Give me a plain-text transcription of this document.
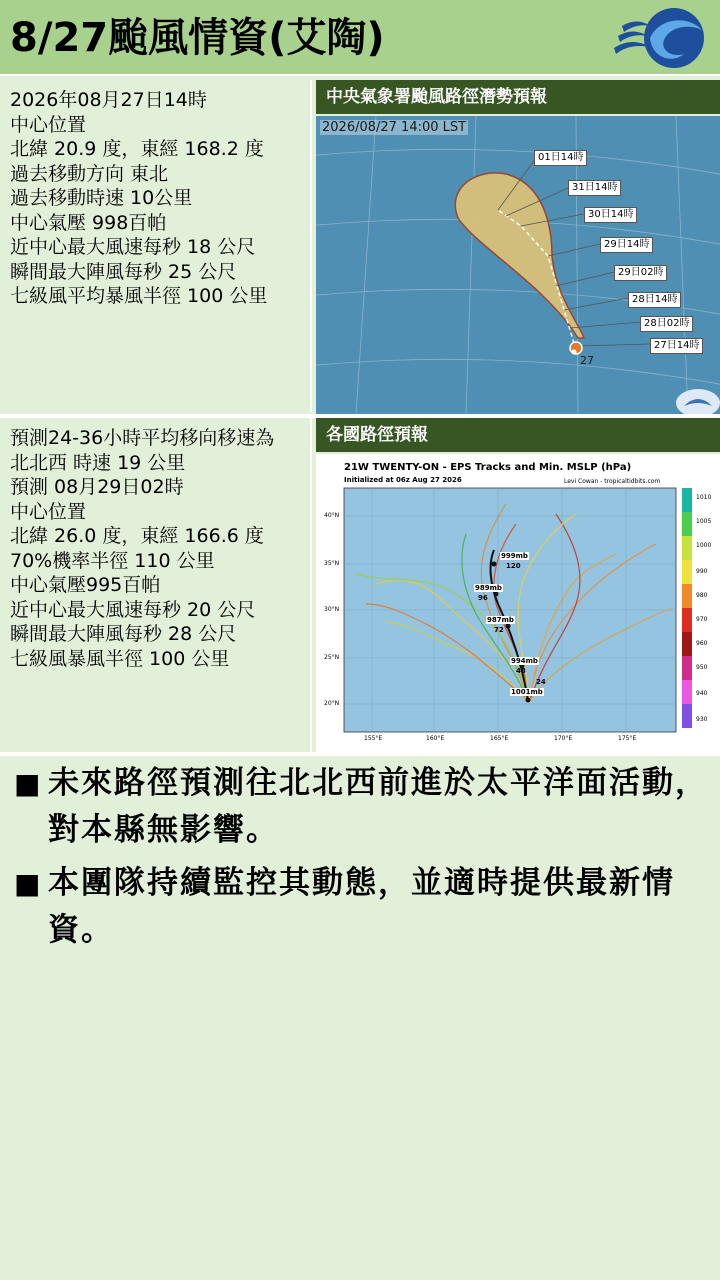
8/27颱風情資(艾陶)
2026年08月27日14時
中心位置
北緯 20.9 度，東經 168.2 度
過去移動方向 東北
過去移動時速 10公里
中心氣壓 998百帕
近中心最大風速每秒 18 公尺
瞬間最大陣風每秒 25 公尺
七級風平均暴風半徑 100 公里
預測24-36小時平均移向移速為
北北西 時速 19 公里
預測 08月29日02時
中心位置
北緯 26.0 度，東經 166.6 度
70%機率半徑 110 公里
中心氣壓995百帕
近中心最大風速每秒 20 公尺
瞬間最大陣風每秒 28 公尺
七級風暴風半徑 100 公里
中央氣象署颱風路徑潛勢預報
2026/08/27 14:00 LST
01日14時
31日14時
30日14時
29日14時
29日02時
28日14時
28日02時
27日14時
27
各國路徑預報
21W TWENTY-ON - EPS Tracks and Min. MSLP (hPa)
Initialized at 06z Aug 27 2026	Levi Cowan - tropicaltidbits.com
40°N
35°N
30°N
25°N
20°N
155°E	160°E	165°E	170°E	175°E
1010
1005
1000
990
980
970
960
950
940
930
999mb
120
989mb
96
987mb
72
994mb
48
1001mb
24
■ 未來路徑預測往北北西前進於太平洋面活動，對本縣無影響。
■ 本團隊持續監控其動態，並適時提供最新情資。
